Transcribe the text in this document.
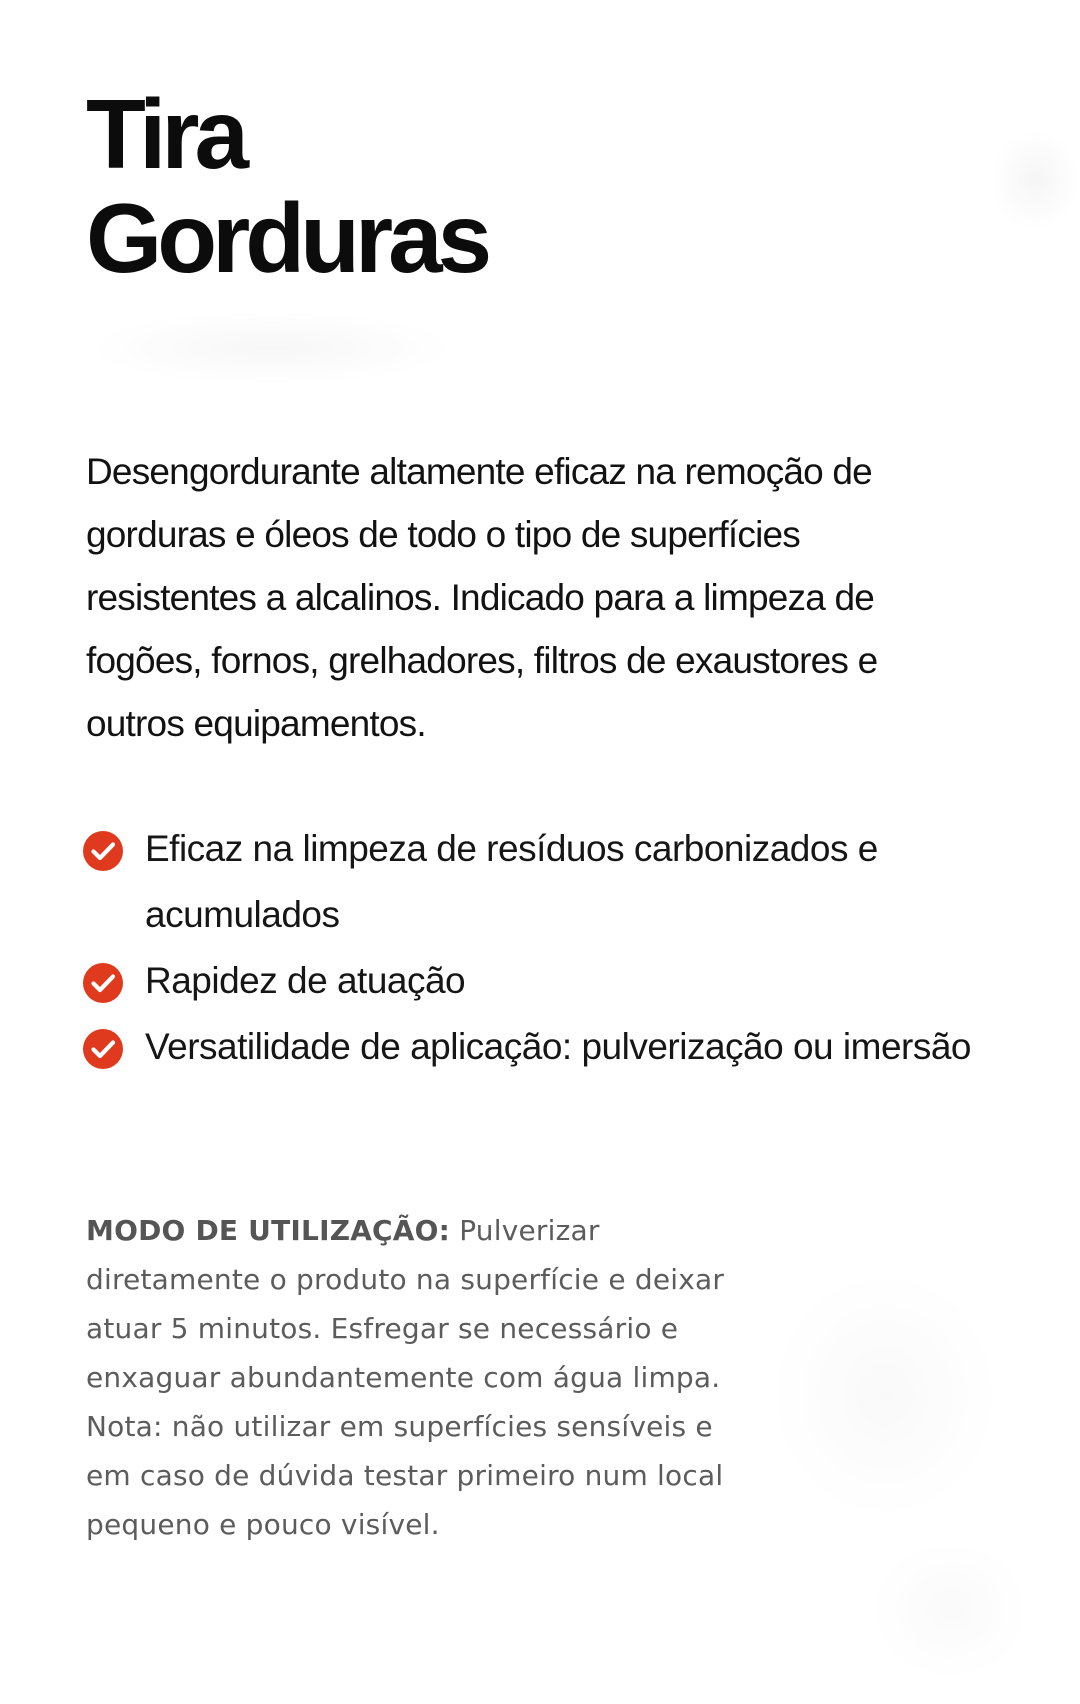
Tira
Gorduras

Desengordurante altamente eficaz na remoção de gorduras e óleos de todo o tipo de superfícies resistentes a alcalinos. Indicado para a limpeza de fogões, fornos, grelhadores, filtros de exaustores e outros equipamentos.

Eficaz na limpeza de resíduos carbonizados e acumulados
Rapidez de atuação
Versatilidade de aplicação: pulverização ou imersão

MODO DE UTILIZAÇÃO: Pulverizar diretamente o produto na superfície e deixar atuar 5 minutos. Esfregar se necessário e enxaguar abundantemente com água limpa. Nota: não utilizar em superfícies sensíveis e em caso de dúvida testar primeiro num local pequeno e pouco visível.
